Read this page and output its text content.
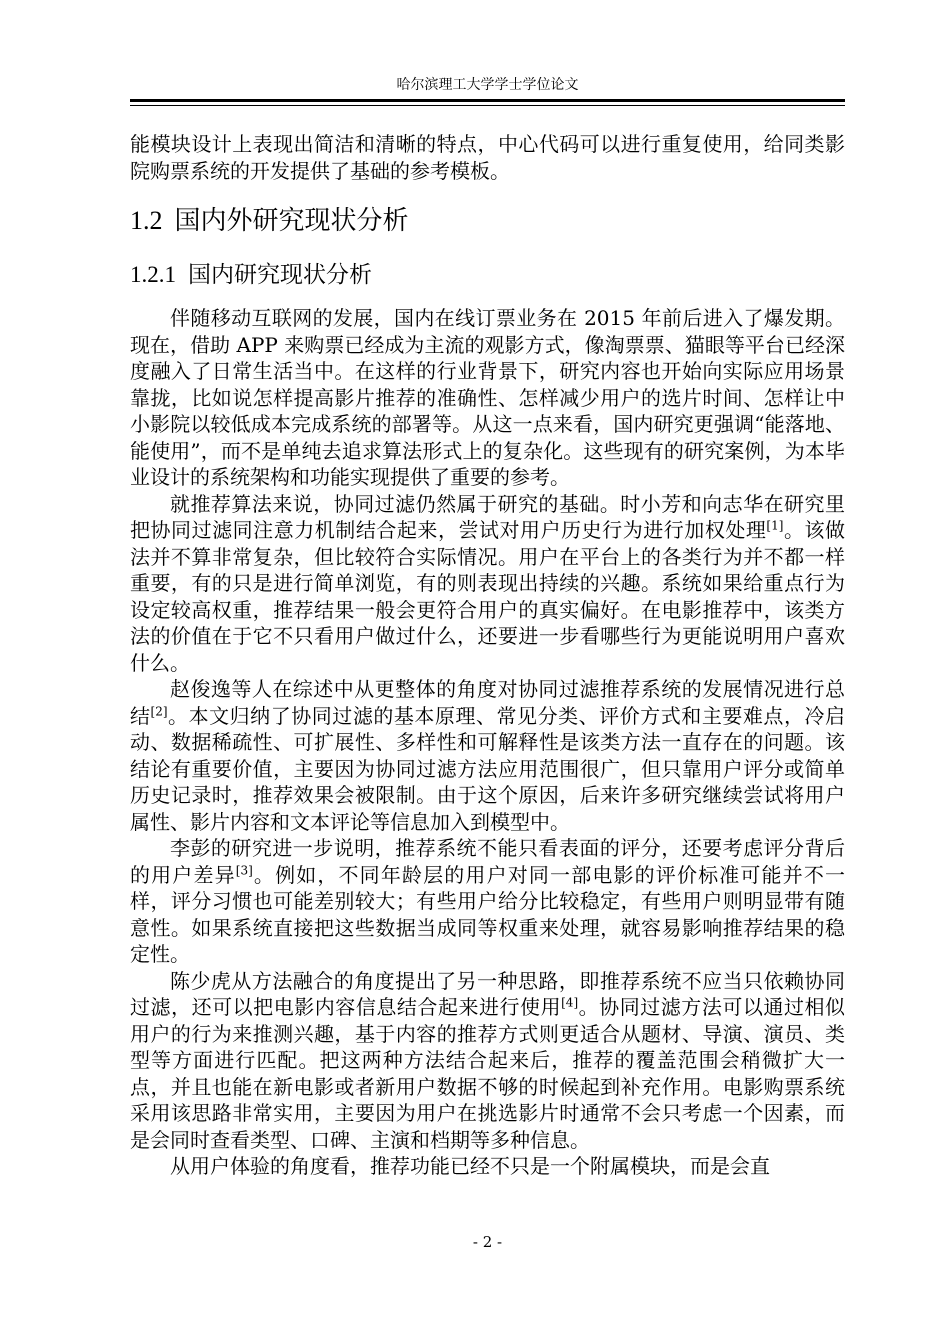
哈尔滨理工大学学士学位论文

能模块设计上表现出简洁和清晰的特点，中心代码可以进行重复使用，给同类影院购票系统的开发提供了基础的参考模板。

1.2 国内外研究现状分析
1.2.1 国内研究现状分析

伴随移动互联网的发展，国内在线订票业务在 2015 年前后进入了爆发期。现在，借助 APP 来购票已经成为主流的观影方式，像淘票票、猫眼等平台已经深度融入了日常生活当中。在这样的行业背景下，研究内容也开始向实际应用场景靠拢，比如说怎样提高影片推荐的准确性、怎样减少用户的选片时间、怎样让中小影院以较低成本完成系统的部署等。从这一点来看，国内研究更强调“能落地、能使用”，而不是单纯去追求算法形式上的复杂化。这些现有的研究案例，为本毕业设计的系统架构和功能实现提供了重要的参考。

就推荐算法来说，协同过滤仍然属于研究的基础。时小芳和向志华在研究里把协同过滤同注意力机制结合起来，尝试对用户历史行为进行加权处理[1]。该做法并不算非常复杂，但比较符合实际情况。用户在平台上的各类行为并不都一样重要，有的只是进行简单浏览，有的则表现出持续的兴趣。系统如果给重点行为设定较高权重，推荐结果一般会更符合用户的真实偏好。在电影推荐中，该类方法的价值在于它不只看用户做过什么，还要进一步看哪些行为更能说明用户喜欢什么。

赵俊逸等人在综述中从更整体的角度对协同过滤推荐系统的发展情况进行总结[2]。本文归纳了协同过滤的基本原理、常见分类、评价方式和主要难点，冷启动、数据稀疏性、可扩展性、多样性和可解释性是该类方法一直存在的问题。该结论有重要价值，主要因为协同过滤方法应用范围很广，但只靠用户评分或简单历史记录时，推荐效果会被限制。由于这个原因，后来许多研究继续尝试将用户属性、影片内容和文本评论等信息加入到模型中。

李彭的研究进一步说明，推荐系统不能只看表面的评分，还要考虑评分背后的用户差异[3]。例如，不同年龄层的用户对同一部电影的评价标准可能并不一样，评分习惯也可能差别较大；有些用户给分比较稳定，有些用户则明显带有随意性。如果系统直接把这些数据当成同等权重来处理，就容易影响推荐结果的稳定性。

陈少虎从方法融合的角度提出了另一种思路，即推荐系统不应当只依赖协同过滤，还可以把电影内容信息结合起来进行使用[4]。协同过滤方法可以通过相似用户的行为来推测兴趣，基于内容的推荐方式则更适合从题材、导演、演员、类型等方面进行匹配。把这两种方法结合起来后，推荐的覆盖范围会稍微扩大一点，并且也能在新电影或者新用户数据不够的时候起到补充作用。电影购票系统采用该思路非常实用，主要因为用户在挑选影片时通常不会只考虑一个因素，而是会同时查看类型、口碑、主演和档期等多种信息。

从用户体验的角度看，推荐功能已经不只是一个附属模块，而是会直

- 2 -
